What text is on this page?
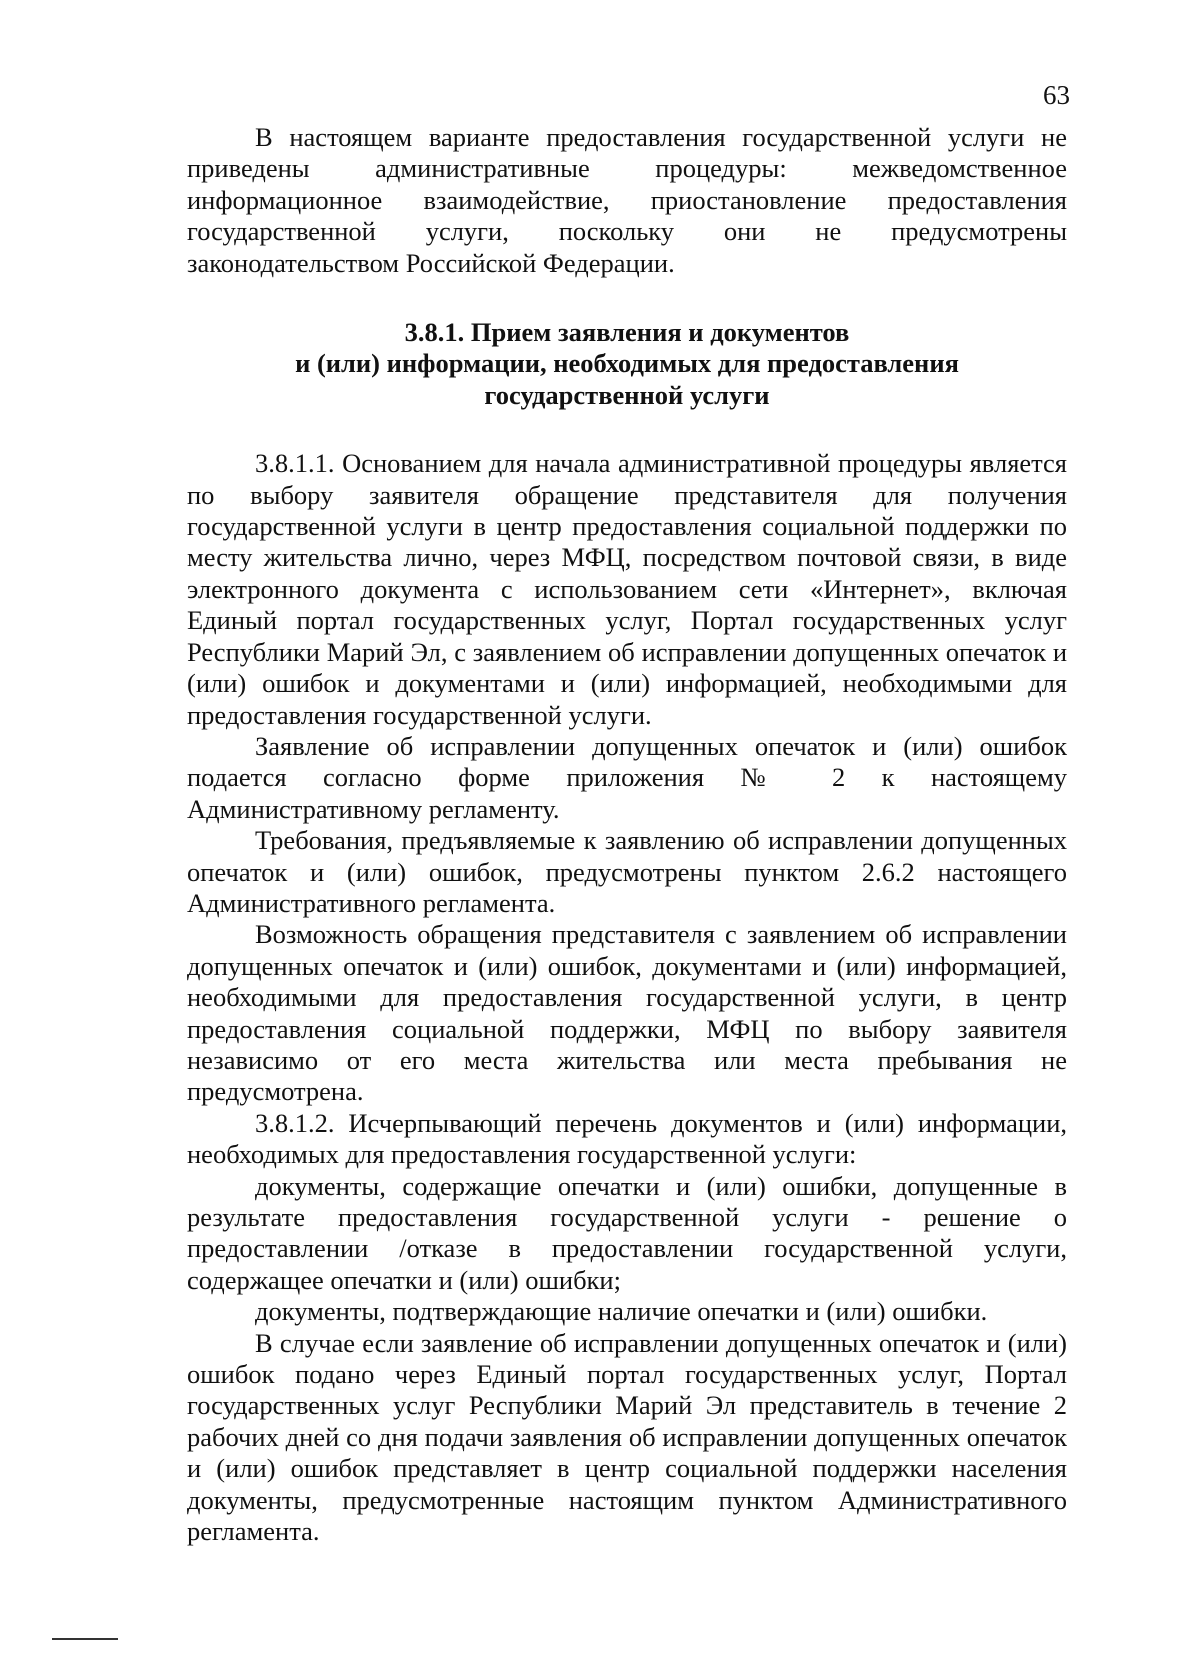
63

В настоящем варианте предоставления государственной услуги не приведены административные процедуры: межведомственное информационное взаимодействие, приостановление предоставления государственной услуги, поскольку они не предусмотрены законодательством Российской Федерации.

3.8.1. Прием заявления и документов
и (или) информации, необходимых для предоставления
государственной услуги

3.8.1.1. Основанием для начала административной процедуры является по выбору заявителя обращение представителя для получения государственной услуги в центр предоставления социальной поддержки по месту жительства лично, через МФЦ, посредством почтовой связи, в виде электронного документа с использованием сети «Интернет», включая Единый портал государственных услуг, Портал государственных услуг Республики Марий Эл, с заявлением об исправлении допущенных опечаток и (или) ошибок и документами и (или) информацией, необходимыми для предоставления государственной услуги.

Заявление об исправлении допущенных опечаток и (или) ошибок подается согласно форме приложения № 2 к настоящему Административному регламенту.

Требования, предъявляемые к заявлению об исправлении допущенных опечаток и (или) ошибок, предусмотрены пунктом 2.6.2 настоящего Административного регламента.

Возможность обращения представителя с заявлением об исправлении допущенных опечаток и (или) ошибок, документами и (или) информацией, необходимыми для предоставления государственной услуги, в центр предоставления социальной поддержки, МФЦ по выбору заявителя независимо от его места жительства или места пребывания не предусмотрена.

3.8.1.2. Исчерпывающий перечень документов и (или) информации, необходимых для предоставления государственной услуги:

документы, содержащие опечатки и (или) ошибки, допущенные в результате предоставления государственной услуги - решение о предоставлении /отказе в предоставлении государственной услуги, содержащее опечатки и (или) ошибки;

документы, подтверждающие наличие опечатки и (или) ошибки.

В случае если заявление об исправлении допущенных опечаток и (или) ошибок подано через Единый портал государственных услуг, Портал государственных услуг Республики Марий Эл представитель в течение 2 рабочих дней со дня подачи заявления об исправлении допущенных опечаток и (или) ошибок представляет в центр социальной поддержки населения документы, предусмотренные настоящим пунктом Административного регламента.
